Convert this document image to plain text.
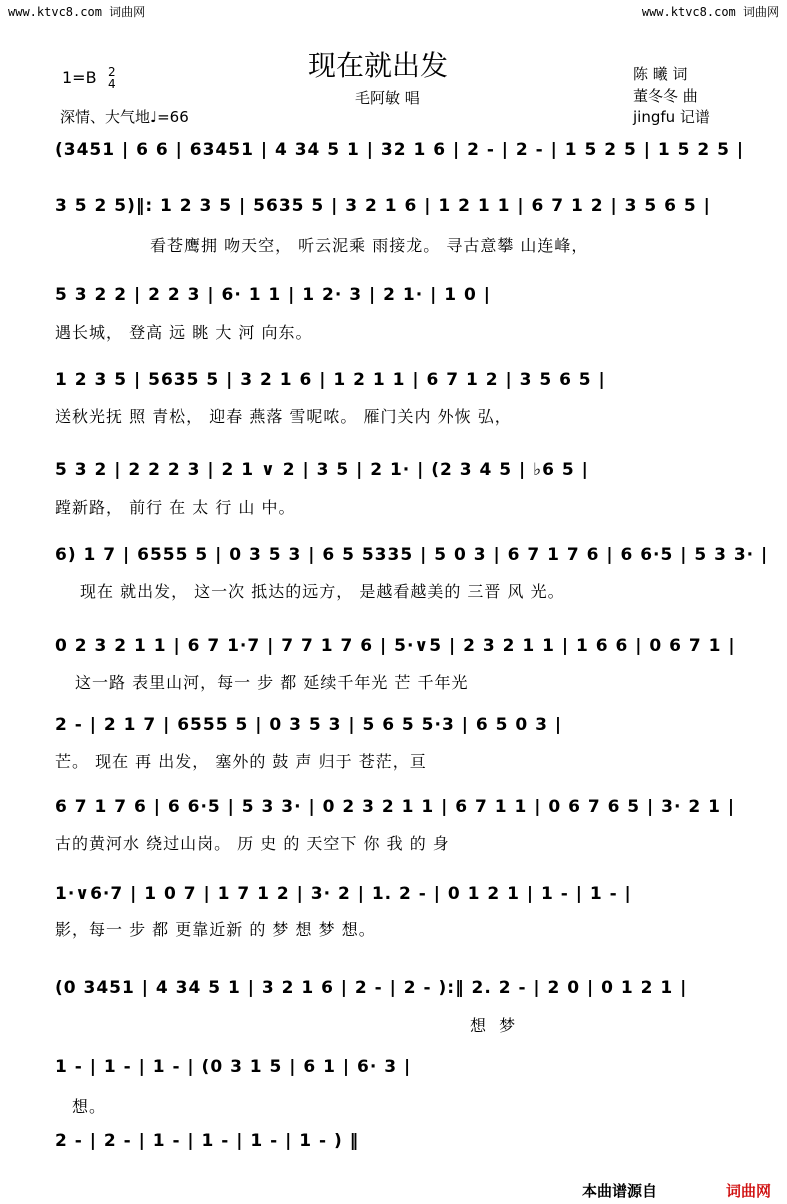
www.ktvc8.com 词曲网	www.ktvc8.com 词曲网
现在就出发
毛阿敏 唱
1=B 2
4
深情、大气地♩=66
陈 曦 词
董冬冬 曲
jingfu 记谱
(3451 | 6 6 | 63451 | 4 34 5 1 | 32 1 6 | 2 - | 2 - | 1 5 2 5 | 1 5 2 5 |
3 5 2 5)‖: 1 2 3 5 | 5635 5 | 3 2 1 6 | 1 2 1 1 | 6 7 1 2 | 3 5 6 5 |
看苍鹰拥 吻天空， 听云泥乘 雨接龙。 寻古意攀 山连峰，
5 3 2 2 | 2 2 3 | 6· 1 1 | 1 2· 3 | 2 1· | 1 0 |
遇长城， 登高 远 眺 大 河 向东。
1 2 3 5 | 5635 5 | 3 2 1 6 | 1 2 1 1 | 6 7 1 2 | 3 5 6 5 |
送秋光抚 照 青松， 迎春 燕落 雪呢哝。 雁门关内 外恢 弘，
5 3 2 | 2 2 2 3 | 2 1 ∨ 2 | 3 5 | 2 1· | (2 3 4 5 | ♭6 5 |
蹚新路， 前行 在 太 行 山 中。
6) 1 7 | 6555 5 | 0 3 5 3 | 6 5 5335 | 5 0 3 | 6 7 1 7 6 | 6 6·5 | 5 3 3· |
现在 就出发， 这一次 抵达的远方， 是越看越美的 三晋 风 光。
0 2 3 2 1 1 | 6 7 1·7 | 7 7 1 7 6 | 5·∨5 | 2 3 2 1 1 | 1 6 6 | 0 6 7 1 |
这一路 表里山河，每一 步 都 延续千年光 芒 千年光
2 - | 2 1 7 | 6555 5 | 0 3 5 3 | 5 6 5 5·3 | 6 5 0 3 |
芒。 现在 再 出发， 塞外的 鼓 声 归于 苍茫，亘
6 7 1 7 6 | 6 6·5 | 5 3 3· | 0 2 3 2 1 1 | 6 7 1 1 | 0 6 7 6 5 | 3· 2 1 |
古的黄河水 绕过山岗。 历 史 的 天空下 你 我 的 身
1·∨6·7 | 1 0 7 | 1 7 1 2 | 3· 2 | 1. 2 - | 0 1 2 1 | 1 - | 1 - |
影，每一 步 都 更靠近新 的 梦 想 梦 想。
(0 3451 | 4 34 5 1 | 3 2 1 6 | 2 - | 2 - ):‖ 2. 2 - | 2 0 | 0 1 2 1 |
想 梦
1 - | 1 - | 1 - | (0 3 1 5 | 6 1 | 6· 3 |
想。
2 - | 2 - | 1 - | 1 - | 1 - | 1 - ) ‖
本曲谱源自	词曲网
